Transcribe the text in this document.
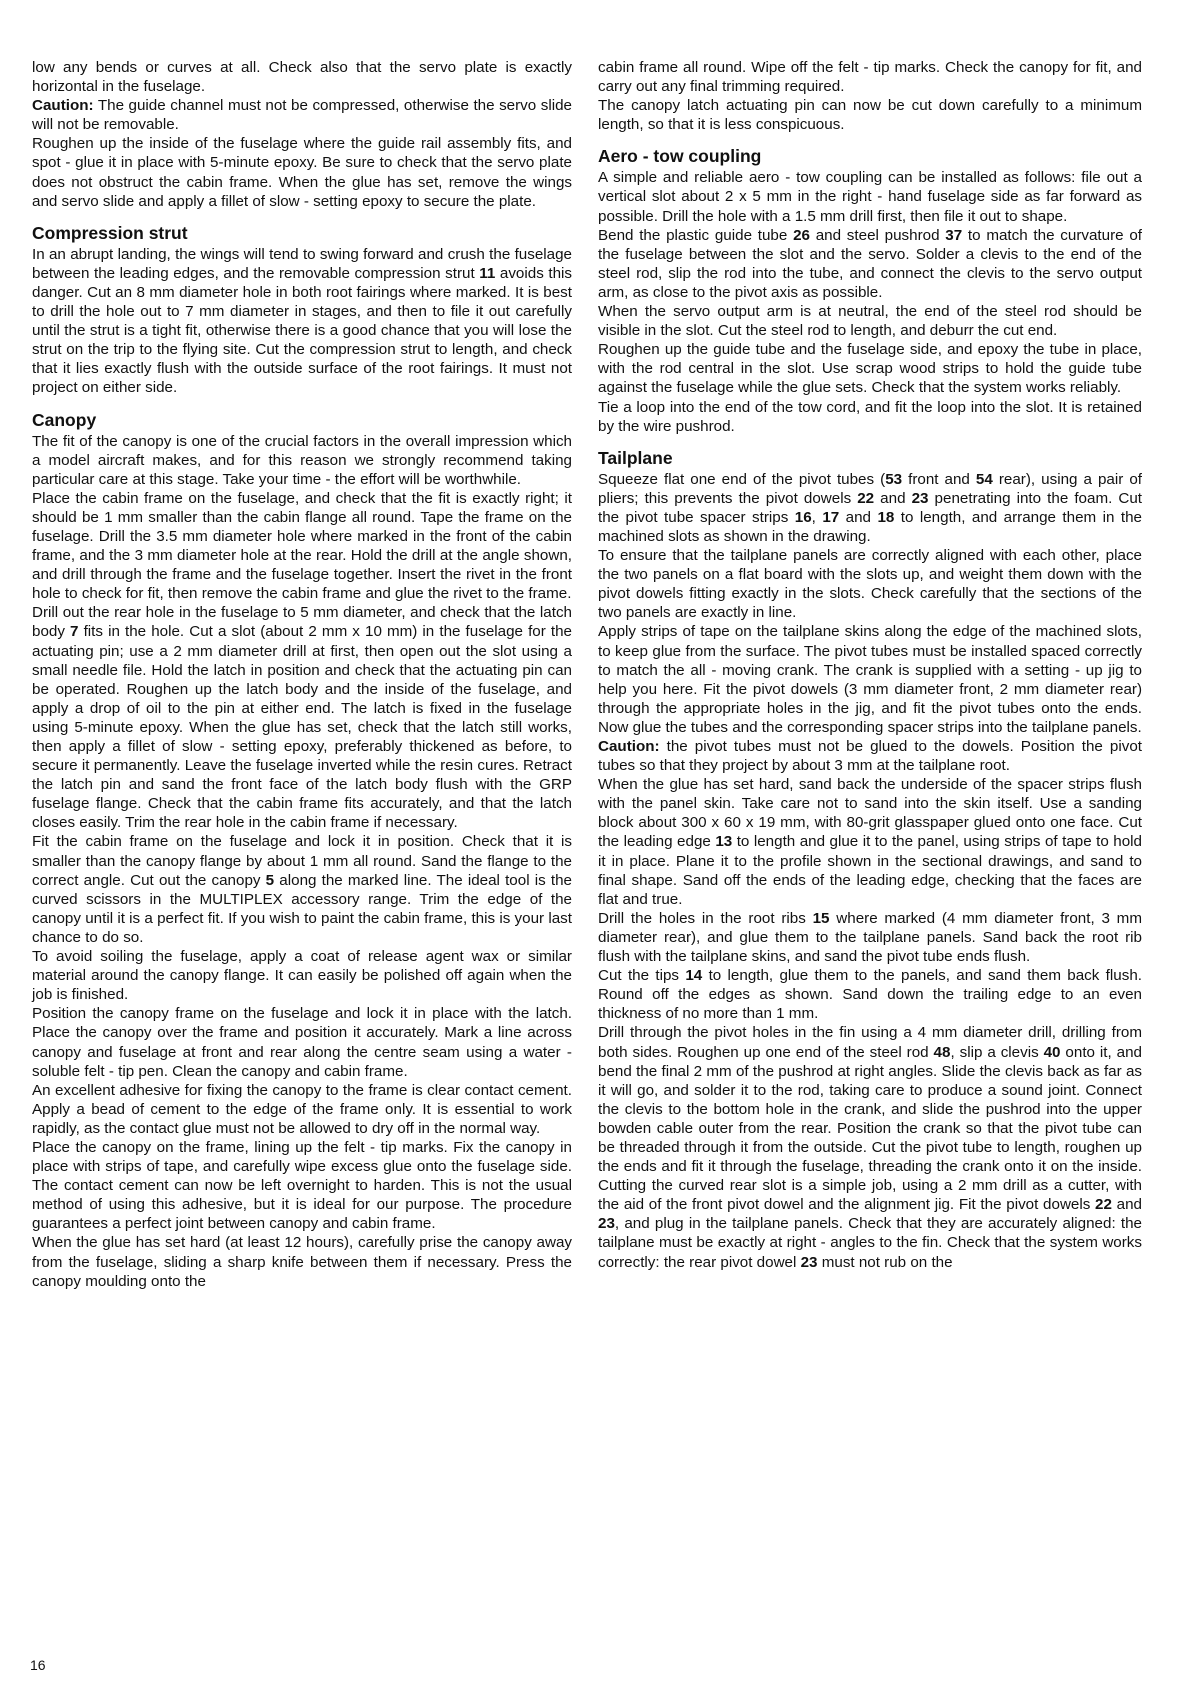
low any bends or curves at all. Check also that the servo plate is exactly horizontal in the fuselage.

Caution: The guide channel must not be compressed, otherwise the servo slide will not be removable.

Roughen up the inside of the fuselage where the guide rail assembly fits, and spot - glue it in place with 5-minute epoxy. Be sure to check that the servo plate does not obstruct the cabin frame. When the glue has set, remove the wings and servo slide and apply a fillet of slow - setting epoxy to secure the plate.

Compression strut

In an abrupt landing, the wings will tend to swing forward and crush the fuselage between the leading edges, and the removable compression strut 11 avoids this danger. Cut an 8 mm diameter hole in both root fairings where marked. It is best to drill the hole out to 7 mm diameter in stages, and then to file it out carefully until the strut is a tight fit, otherwise there is a good chance that you will lose the strut on the trip to the flying site. Cut the compression strut to length, and check that it lies exactly flush with the outside surface of the root fairings. It must not project on either side.

Canopy

The fit of the canopy is one of the crucial factors in the overall impression which a model aircraft makes, and for this reason we strongly recommend taking particular care at this stage. Take your time - the effort will be worthwhile.

Place the cabin frame on the fuselage, and check that the fit is exactly right; it should be 1 mm smaller than the cabin flange all round. Tape the frame on the fuselage. Drill the 3.5 mm diameter hole where marked in the front of the cabin frame, and the 3 mm diameter hole at the rear. Hold the drill at the angle shown, and drill through the frame and the fuselage together. Insert the rivet in the front hole to check for fit, then remove the cabin frame and glue the rivet to the frame.

Drill out the rear hole in the fuselage to 5 mm diameter, and check that the latch body 7 fits in the hole. Cut a slot (about 2 mm x 10 mm) in the fuselage for the actuating pin; use a 2 mm diameter drill at first, then open out the slot using a small needle file. Hold the latch in position and check that the actuating pin can be operated. Roughen up the latch body and the inside of the fuselage, and apply a drop of oil to the pin at either end. The latch is fixed in the fuselage using 5-minute epoxy. When the glue has set, check that the latch still works, then apply a fillet of slow - setting epoxy, preferably thickened as before, to secure it permanently. Leave the fuselage inverted while the resin cures. Retract the latch pin and sand the front face of the latch body flush with the GRP fuselage flange. Check that the cabin frame fits accurately, and that the latch closes easily. Trim the rear hole in the cabin frame if necessary.

Fit the cabin frame on the fuselage and lock it in position. Check that it is smaller than the canopy flange by about 1 mm all round. Sand the flange to the correct angle. Cut out the canopy 5 along the marked line. The ideal tool is the curved scissors in the MULTIPLEX accessory range. Trim the edge of the canopy until it is a perfect fit. If you wish to paint the cabin frame, this is your last chance to do so.

To avoid soiling the fuselage, apply a coat of release agent wax or similar material around the canopy flange. It can easily be polished off again when the job is finished.

Position the canopy frame on the fuselage and lock it in place with the latch. Place the canopy over the frame and position it accurately. Mark a line across canopy and fuselage at front and rear along the centre seam using a water - soluble felt - tip pen. Clean the canopy and cabin frame.

An excellent adhesive for fixing the canopy to the frame is clear contact cement. Apply a bead of cement to the edge of the frame only. It is essential to work rapidly, as the contact glue must not be allowed to dry off in the normal way.

Place the canopy on the frame, lining up the felt - tip marks. Fix the canopy in place with strips of tape, and carefully wipe excess glue onto the fuselage side. The contact cement can now be left overnight to harden. This is not the usual method of using this adhesive, but it is ideal for our purpose. The procedure guarantees a perfect joint between canopy and cabin frame.

When the glue has set hard (at least 12 hours), carefully prise the canopy away from the fuselage, sliding a sharp knife between them if necessary. Press the canopy moulding onto the

cabin frame all round. Wipe off the felt - tip marks. Check the canopy for fit, and carry out any final trimming required.

The canopy latch actuating pin can now be cut down carefully to a minimum length, so that it is less conspicuous.

Aero - tow coupling

A simple and reliable aero - tow coupling can be installed as follows: file out a vertical slot about 2 x 5 mm in the right - hand fuselage side as far forward as possible. Drill the hole with a 1.5 mm drill first, then file it out to shape.

Bend the plastic guide tube 26 and steel pushrod 37 to match the curvature of the fuselage between the slot and the servo. Solder a clevis to the end of the steel rod, slip the rod into the tube, and connect the clevis to the servo output arm, as close to the pivot axis as possible.

When the servo output arm is at neutral, the end of the steel rod should be visible in the slot. Cut the steel rod to length, and deburr the cut end.

Roughen up the guide tube and the fuselage side, and epoxy the tube in place, with the rod central in the slot. Use scrap wood strips to hold the guide tube against the fuselage while the glue sets. Check that the system works reliably.

Tie a loop into the end of the tow cord, and fit the loop into the slot. It is retained by the wire pushrod.

Tailplane

Squeeze flat one end of the pivot tubes (53 front and 54 rear), using a pair of pliers; this prevents the pivot dowels 22 and 23 penetrating into the foam. Cut the pivot tube spacer strips 16, 17 and 18 to length, and arrange them in the machined slots as shown in the drawing.

To ensure that the tailplane panels are correctly aligned with each other, place the two panels on a flat board with the slots up, and weight them down with the pivot dowels fitting exactly in the slots. Check carefully that the sections of the two panels are exactly in line.

Apply strips of tape on the tailplane skins along the edge of the machined slots, to keep glue from the surface. The pivot tubes must be installed spaced correctly to match the all - moving crank. The crank is supplied with a setting - up jig to help you here. Fit the pivot dowels (3 mm diameter front, 2 mm diameter rear) through the appropriate holes in the jig, and fit the pivot tubes onto the ends. Now glue the tubes and the corresponding spacer strips into the tailplane panels.

Caution: the pivot tubes must not be glued to the dowels. Position the pivot tubes so that they project by about 3 mm at the tailplane root.

When the glue has set hard, sand back the underside of the spacer strips flush with the panel skin. Take care not to sand into the skin itself. Use a sanding block about 300 x 60 x 19 mm, with 80-grit glasspaper glued onto one face. Cut the leading edge 13 to length and glue it to the panel, using strips of tape to hold it in place. Plane it to the profile shown in the sectional drawings, and sand to final shape. Sand off the ends of the leading edge, checking that the faces are flat and true.

Drill the holes in the root ribs 15 where marked (4 mm diameter front, 3 mm diameter rear), and glue them to the tailplane panels. Sand back the root rib flush with the tailplane skins, and sand the pivot tube ends flush.

Cut the tips 14 to length, glue them to the panels, and sand them back flush. Round off the edges as shown. Sand down the trailing edge to an even thickness of no more than 1 mm.

Drill through the pivot holes in the fin using a 4 mm diameter drill, drilling from both sides. Roughen up one end of the steel rod 48, slip a clevis 40 onto it, and bend the final 2 mm of the pushrod at right angles. Slide the clevis back as far as it will go, and solder it to the rod, taking care to produce a sound joint. Connect the clevis to the bottom hole in the crank, and slide the pushrod into the upper bowden cable outer from the rear. Position the crank so that the pivot tube can be threaded through it from the outside. Cut the pivot tube to length, roughen up the ends and fit it through the fuselage, threading the crank onto it on the inside. Cutting the curved rear slot is a simple job, using a 2 mm drill as a cutter, with the aid of the front pivot dowel and the alignment jig. Fit the pivot dowels 22 and 23, and plug in the tailplane panels. Check that they are accurately aligned: the tailplane must be exactly at right - angles to the fin. Check that the system works correctly: the rear pivot dowel 23 must not rub on the

16
